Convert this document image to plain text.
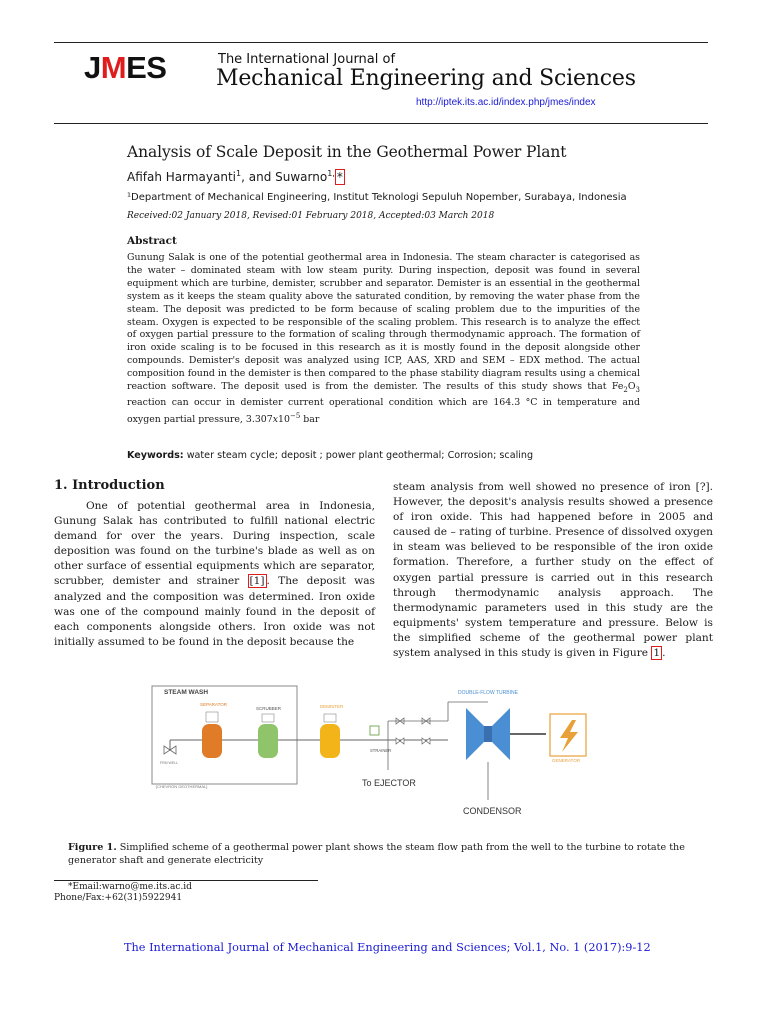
JMES	The International Journal of
Mechanical Engineering and Sciences
http://iptek.its.ac.id/index.php/jmes/index
Analysis of Scale Deposit in the Geothermal Power Plant
Afifah Harmayanti$^1$, and Suwarno$^{1,}$ *
¹Department of Mechanical Engineering, Institut Teknologi Sepuluh Nopember, Surabaya, Indonesia
Received:02 January 2018, Revised:01 February 2018, Accepted:03 March 2018
Abstract
Gunung Salak is one of the potential geothermal area in Indonesia. The steam character is categorised as the water – dominated steam with low steam purity. During inspection, deposit was found in several equipment which are turbine, demister, scrubber and separator. Demister is an essential in the geothermal system as it keeps the steam quality above the saturated condition, by removing the water phase from the steam. The deposit was predicted to be form because of scaling problem due to the impurities of the steam. Oxygen is expected to be responsible of the scaling problem. This research is to analyze the effect of oxygen partial pressure to the formation of scaling through thermodynamic approach. The formation of iron oxide scaling is to be focused in this research as it is mostly found in the deposit alongside other compounds. Demister's deposit was analyzed using ICP, AAS, XRD and SEM – EDX method. The actual composition found in the demister is then compared to the phase stability diagram results using a chemical reaction software. The deposit used is from the demister. The results of this study shows that $Fe_2O_3$ reaction can occur in demister current operational condition which are 164.3 °C in temperature and oxygen partial pressure, $3.307x10^{-5}$ bar
Keywords: water steam cycle; deposit ; power plant geothermal; Corrosion; scaling
1. Introduction
One of potential geothermal area in Indonesia, Gunung Salak has contributed to fulfill national electric demand for over the years. During inspection, scale deposition was found on the turbine's blade as well as on other surface of essential equipments which are separator, scrubber, demister and strainer [1] . The deposit was analyzed and the composition was determined. Iron oxide was one of the compound mainly found in the deposit of each components alongside others. Iron oxide was not initially assumed to be found in the deposit because the
steam analysis from well showed no presence of iron [?]. However, the deposit's analysis results showed a presence of iron oxide. This had happened before in 2005 and caused de – rating of turbine. Presence of dissolved oxygen in steam was believed to be responsible of the iron oxide formation. Therefore, a further study on the effect of oxygen partial pressure is carried out in this research through thermodynamic analysis approach. The thermodynamic parameters used in this study are the equipments' system temperature and pressure. Below is the simplified scheme of the geothermal power plant system analysed in this study is given in Figure 1 .
STEAM WASH
FRM WELL
SEPARATOR
SCRUBBER	DEMISTER
STRAINER
To EJECTOR
DOUBLE-FLOW TURBINE
CONDENSOR
GENERATOR
[CHEVRON GEOTHERMAL]
Figure 1. Simplified scheme of a geothermal power plant shows the steam flow path from the well to the turbine to rotate the generator shaft and generate electricity
*Email:warno@me.its.ac.id
Phone/Fax:+62(31)5922941
The International Journal of Mechanical Engineering and Sciences; Vol.1, No. 1 (2017):9-12
